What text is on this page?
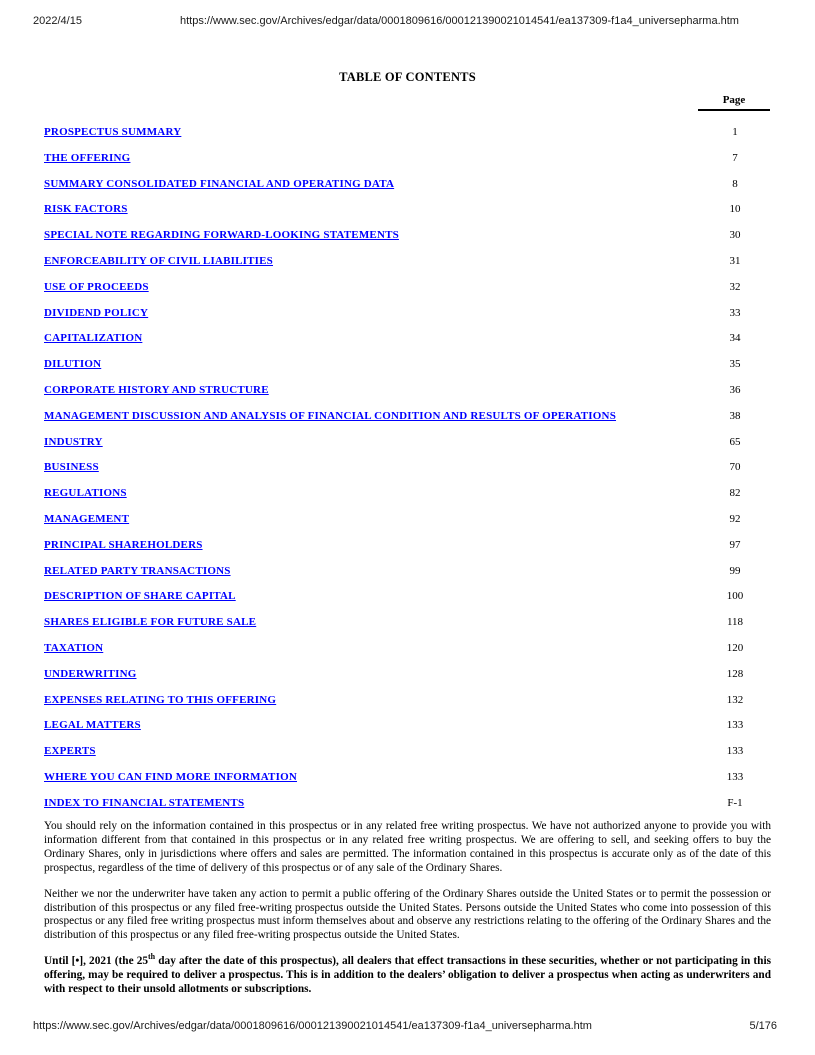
2022/4/15	https://www.sec.gov/Archives/edgar/data/0001809616/000121390021014541/ea137309-f1a4_universepharma.htm
TABLE OF CONTENTS
Page
PROSPECTUS SUMMARY	1
THE OFFERING	7
SUMMARY CONSOLIDATED FINANCIAL AND OPERATING DATA	8
RISK FACTORS	10
SPECIAL NOTE REGARDING FORWARD-LOOKING STATEMENTS	30
ENFORCEABILITY OF CIVIL LIABILITIES	31
USE OF PROCEEDS	32
DIVIDEND POLICY	33
CAPITALIZATION	34
DILUTION	35
CORPORATE HISTORY AND STRUCTURE	36
MANAGEMENT DISCUSSION AND ANALYSIS OF FINANCIAL CONDITION AND RESULTS OF OPERATIONS	38
INDUSTRY	65
BUSINESS	70
REGULATIONS	82
MANAGEMENT	92
PRINCIPAL SHAREHOLDERS	97
RELATED PARTY TRANSACTIONS	99
DESCRIPTION OF SHARE CAPITAL	100
SHARES ELIGIBLE FOR FUTURE SALE	118
TAXATION	120
UNDERWRITING	128
EXPENSES RELATING TO THIS OFFERING	132
LEGAL MATTERS	133
EXPERTS	133
WHERE YOU CAN FIND MORE INFORMATION	133
INDEX TO FINANCIAL STATEMENTS	F-1

You should rely on the information contained in this prospectus or in any related free writing prospectus. We have not authorized anyone to provide you with information different from that contained in this prospectus or in any related free writing prospectus. We are offering to sell, and seeking offers to buy the Ordinary Shares, only in jurisdictions where offers and sales are permitted. The information contained in this prospectus is accurate only as of the date of this prospectus, regardless of the time of delivery of this prospectus or of any sale of the Ordinary Shares.

Neither we nor the underwriter have taken any action to permit a public offering of the Ordinary Shares outside the United States or to permit the possession or distribution of this prospectus or any filed free-writing prospectus outside the United States. Persons outside the United States who come into possession of this prospectus or any filed free writing prospectus must inform themselves about and observe any restrictions relating to the offering of the Ordinary Shares and the distribution of this prospectus or any filed free-writing prospectus outside the United States.

Until [•], 2021 (the 25th day after the date of this prospectus), all dealers that effect transactions in these securities, whether or not participating in this offering, may be required to deliver a prospectus. This is in addition to the dealers’ obligation to deliver a prospectus when acting as underwriters and with respect to their unsold allotments or subscriptions.

https://www.sec.gov/Archives/edgar/data/0001809616/000121390021014541/ea137309-f1a4_universepharma.htm	5/176
